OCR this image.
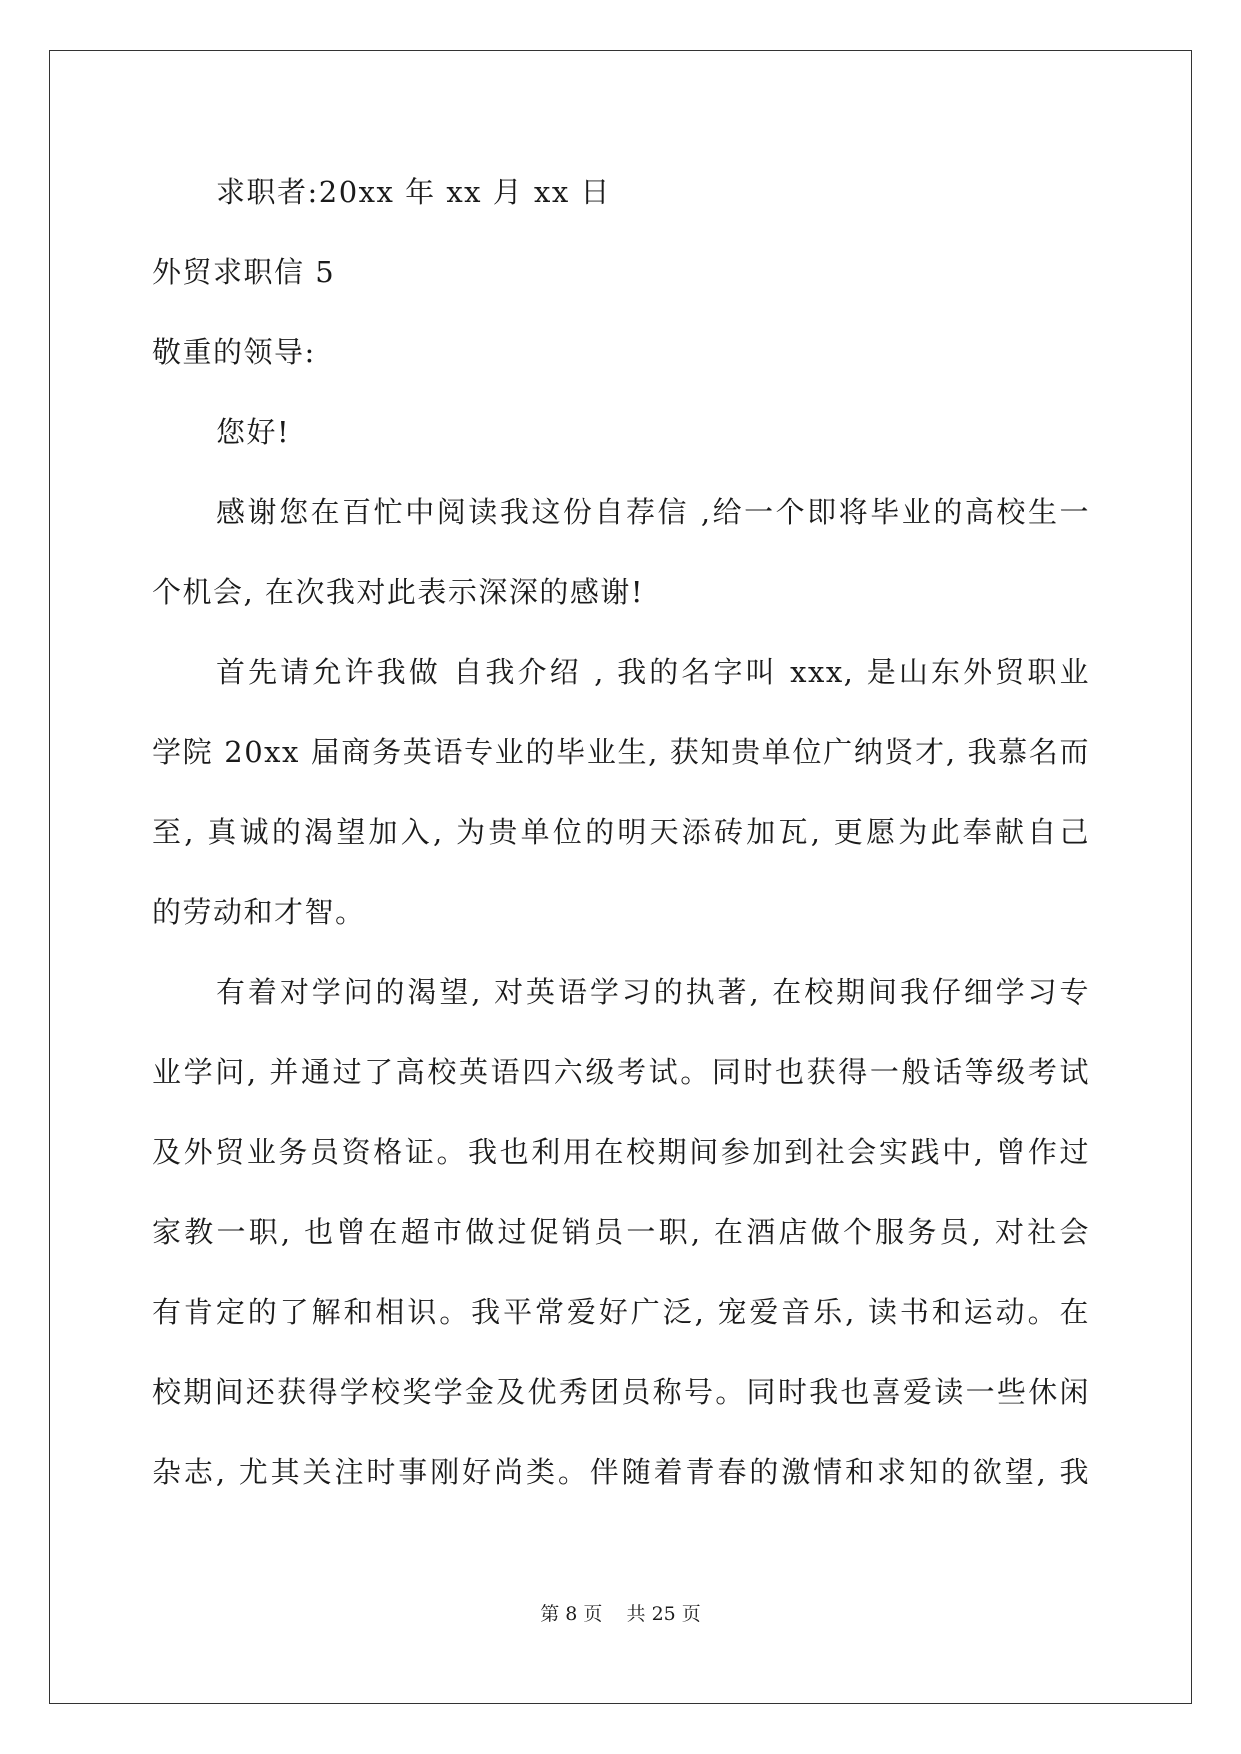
求职者:20xx 年 xx 月 xx 日
外贸求职信 5
敬重的领导:
您好!
感谢您在百忙中阅读我这份自荐信 ,给一个即将毕业的高校生一
个机会, 在次我对此表示深深的感谢!
首先请允许我做 自我介绍 , 我的名字叫 xxx, 是山东外贸职业
学院 20xx 届商务英语专业的毕业生, 获知贵单位广纳贤才, 我慕名而
至, 真诚的渴望加入, 为贵单位的明天添砖加瓦, 更愿为此奉献自己
的劳动和才智。
有着对学问的渴望, 对英语学习的执著, 在校期间我仔细学习专
业学问, 并通过了高校英语四六级考试。同时也获得一般话等级考试
及外贸业务员资格证。我也利用在校期间参加到社会实践中, 曾作过
家教一职, 也曾在超市做过促销员一职, 在酒店做个服务员, 对社会
有肯定的了解和相识。我平常爱好广泛, 宠爱音乐, 读书和运动。在
校期间还获得学校奖学金及优秀团员称号。同时我也喜爱读一些休闲
杂志, 尤其关注时事刚好尚类。伴随着青春的激情和求知的欲望, 我
第 8 页    共 25 页
